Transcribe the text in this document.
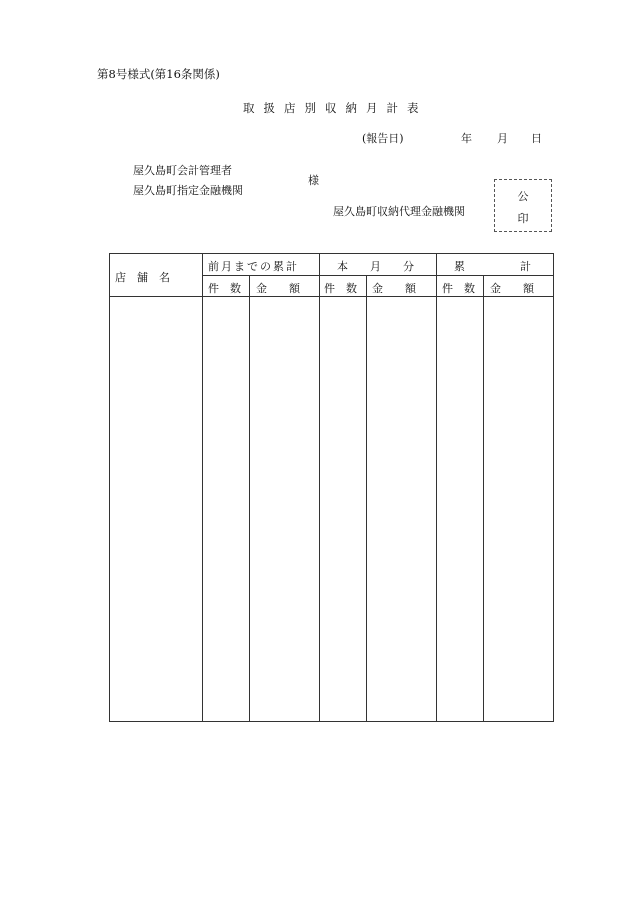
第8号様式(第16条関係)
取扱店別収納月計表
(報告日)	年 月 日
屋久島町会計管理者
屋久島町指定金融機関
様
屋久島町収納代理金融機関
公
印
店　舗　名
前月までの累計	本　　月　　分	累　　　　　計
件　数 金　　額 件　数 金　　額 件　数 金　　額
